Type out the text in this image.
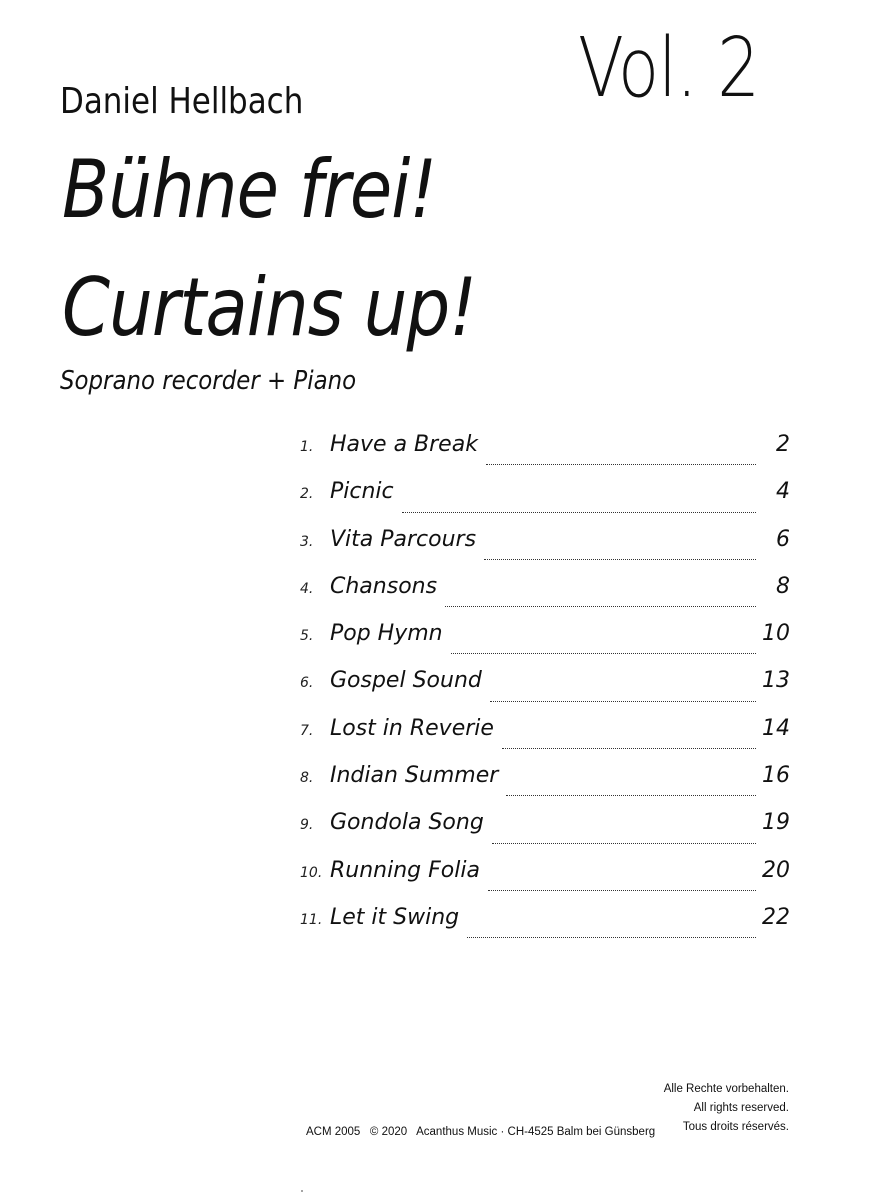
Vol. 2
Daniel Hellbach
Bühne frei!
Curtains up!
Soprano recorder + Piano
1. Have a Break	2
2. Picnic	4
3. Vita Parcours	6
4. Chansons	8
5. Pop Hymn	10
6. Gospel Sound	13
7. Lost in Reverie	14
8. Indian Summer	16
9. Gondola Song	19
10. Running Folia	20
11. Let it Swing	22
Alle Rechte vorbehalten.
All rights reserved.
Tous droits réservés.
ACM 2005   © 2020   Acanthus Music · CH-4525 Balm bei Günsberg
